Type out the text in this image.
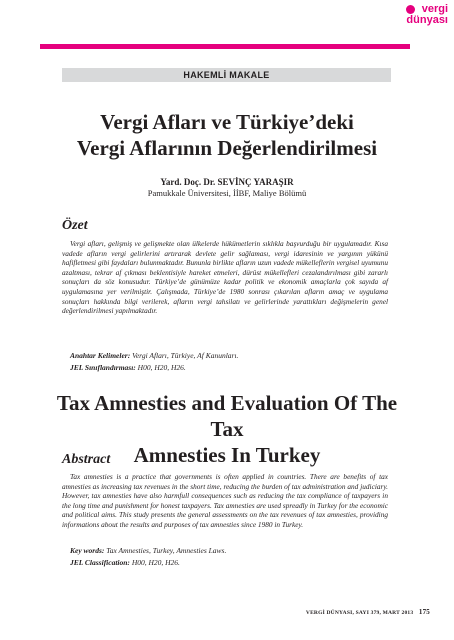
vergi
dünyası
HAKEMLİ MAKALE
Vergi Afları ve Türkiye’deki
Vergi Aflarının Değerlendirilmesi
Yard. Doç. Dr. SEVİNÇ YARAŞIR
Pamukkale Üniversitesi, İİBF, Maliye Bölümü
Özet
Vergi afları, gelişmiş ve gelişmekte olan ülkelerde hükümetlerin sıklıkla başvurduğu bir uygulamadır. Kısa vadede afların vergi gelirlerini artırarak devlete gelir sağlaması, vergi idaresinin ve yargının yükünü hafifletmesi gibi faydaları bulunmaktadır. Bununla birlikte afların uzun vadede mükelleflerin vergisel uyumunu azaltması, tekrar af çıkması beklentisiyle hareket etmeleri, dürüst mükellefleri cezalandırılması gibi zararlı sonuçları da söz konusudur. Türkiye’de günümüze kadar politik ve ekonomik amaçlarla çok sayıda af uygulamasına yer verilmiştir. Çalışmada, Türkiye’de 1980 sonrası çıkarılan afların amaç ve uygulama sonuçları hakkında bilgi verilerek, afların vergi tahsilatı ve gelirlerinde yarattıkları değişmelerin genel değerlendirilmesi yapılmaktadır.
Anahtar Kelimeler: Vergi Afları, Türkiye, Af Kanunları.
JEL Sınıflandırması: H00, H20, H26.
Tax Amnesties and Evaluation Of The Tax
Amnesties In Turkey
Abstract
Tax amnesties is a practice that governments is often applied in countries. There are benefits of tax amnesties as increasing tax revenues in the short time, reducing the burden of tax administration and judiciary. However, tax amnesties have also harmfull consequences such as reducing the tax compliance of taxpayers in the long time and punishment for honest taxpayers. Tax amnesties are used spreadly in Turkey for the economic and political aims. This study presents the general assessments on the tax revenues of tax amnesties, providing informations about the results and purposes of tax amnesties since 1980 in Turkey.
Key words: Tax Amnesties, Turkey, Amnesties Laws.
JEL Classification: H00, H20, H26.
VERGİ DÜNYASI, SAYI 379, MART 2013 175
